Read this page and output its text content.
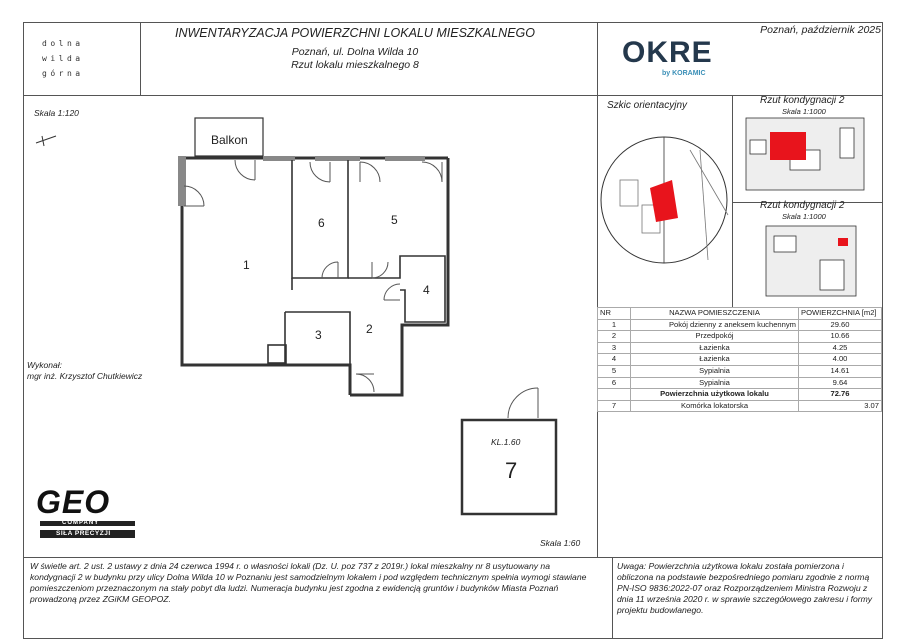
dolna
wilda
górna
INWENTARYZACJA POWIERZCHNI LOKALU MIESZKALNEGO
Poznań, ul. Dolna Wilda 10
Rzut lokalu mieszkalnego 8	OKRE
by KORAMIC
Poznań, październik 2025
Skala 1:120
Wykonał:
mgr inż. Krzysztof Chutkiewicz
Balkon
1
2
3
4
5
6
KL.1.60
7
Skala 1:60
Szkic orientacyjny	Rzut kondygnacji 2
Skala 1:1000
Rzut kondygnacji 2
Skala 1:1000
NR	NAZWA POMIESZCZENIA	POWIERZCHNIA [m2]
1	Pokój dzienny z aneksem kuchennym	29.60
2	Przedpokój	10.66
3	Łazienka	4.25
4	Łazienka	4.00
5	Sypialnia	14.61
6	Sypialnia	9.64
	Powierzchnia użytkowa lokalu	72.76
7	Komórka lokatorska	3.07
GEO
COMPANY
SIŁA PRECYZJI
W świetle art. 2 ust. 2 ustawy z dnia 24 czerwca 1994 r. o własności lokali (Dz. U. poz 737 z 2019r.) lokal mieszkalny nr 8 usytuowany na kondygnacji 2 w budynku przy ulicy Dolna Wilda 10 w Poznaniu jest samodzielnym lokalem i pod względem technicznym spełnia wymogi stawiane pomieszczeniom przeznaczonym na stały pobyt dla ludzi. Numeracja budynku jest zgodna z ewidencją gruntów i budynków Miasta Poznań prowadzoną przez ZGiKM GEOPOZ.
Uwaga: Powierzchnia użytkowa lokalu została pomierzona i obliczona na podstawie bezpośredniego pomiaru zgodnie z normą PN-ISO 9836:2022-07 oraz Rozporządzeniem Ministra Rozwoju z dnia 11 września 2020 r. w sprawie szczegółowego zakresu i formy projektu budowlanego.
